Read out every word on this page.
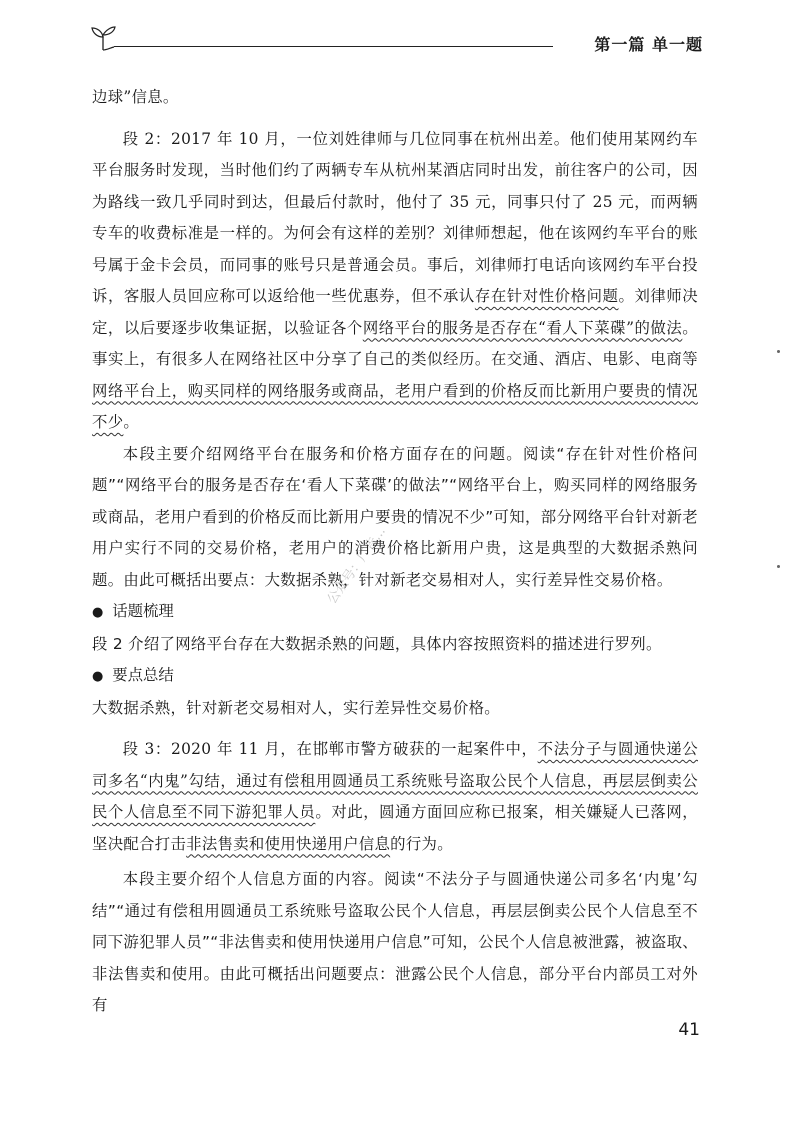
第一篇 单一题
公众号：广告...

边球”信息。

段 2：2017 年 10 月，一位刘姓律师与几位同事在杭州出差。他们使用某网约车平台服务时发现，当时他们约了两辆专车从杭州某酒店同时出发，前往客户的公司，因为路线一致几乎同时到达，但最后付款时，他付了 35 元，同事只付了 25 元，而两辆专车的收费标准是一样的。为何会有这样的差别？刘律师想起，他在该网约车平台的账号属于金卡会员，而同事的账号只是普通会员。事后，刘律师打电话向该网约车平台投诉，客服人员回应称可以返给他一些优惠券，但不承认存在针对性价格问题。刘律师决定，以后要逐步收集证据，以验证各个网络平台的服务是否存在“看人下菜碟”的做法。事实上，有很多人在网络社区中分享了自己的类似经历。在交通、酒店、电影、电商等网络平台上，购买同样的网络服务或商品，老用户看到的价格反而比新用户要贵的情况不少。

本段主要介绍网络平台在服务和价格方面存在的问题。阅读“存在针对性价格问题”“网络平台的服务是否存在‘看人下菜碟’的做法”“网络平台上，购买同样的网络服务或商品，老用户看到的价格反而比新用户要贵的情况不少”可知，部分网络平台针对新老用户实行不同的交易价格，老用户的消费价格比新用户贵，这是典型的大数据杀熟问题。由此可概括出要点：大数据杀熟，针对新老交易相对人，实行差异性交易价格。

● 话题梳理

段 2 介绍了网络平台存在大数据杀熟的问题，具体内容按照资料的描述进行罗列。

● 要点总结

大数据杀熟，针对新老交易相对人，实行差异性交易价格。

段 3：2020 年 11 月，在邯郸市警方破获的一起案件中，不法分子与圆通快递公司多名“内鬼”勾结，通过有偿租用圆通员工系统账号盗取公民个人信息，再层层倒卖公民个人信息至不同下游犯罪人员。对此，圆通方面回应称已报案，相关嫌疑人已落网，坚决配合打击非法售卖和使用快递用户信息的行为。

本段主要介绍个人信息方面的内容。阅读“不法分子与圆通快递公司多名‘内鬼’勾结”“通过有偿租用圆通员工系统账号盗取公民个人信息，再层层倒卖公民个人信息至不同下游犯罪人员”“非法售卖和使用快递用户信息”可知，公民个人信息被泄露，被盗取、非法售卖和使用。由此可概括出问题要点：泄露公民个人信息，部分平台内部员工对外有

41
